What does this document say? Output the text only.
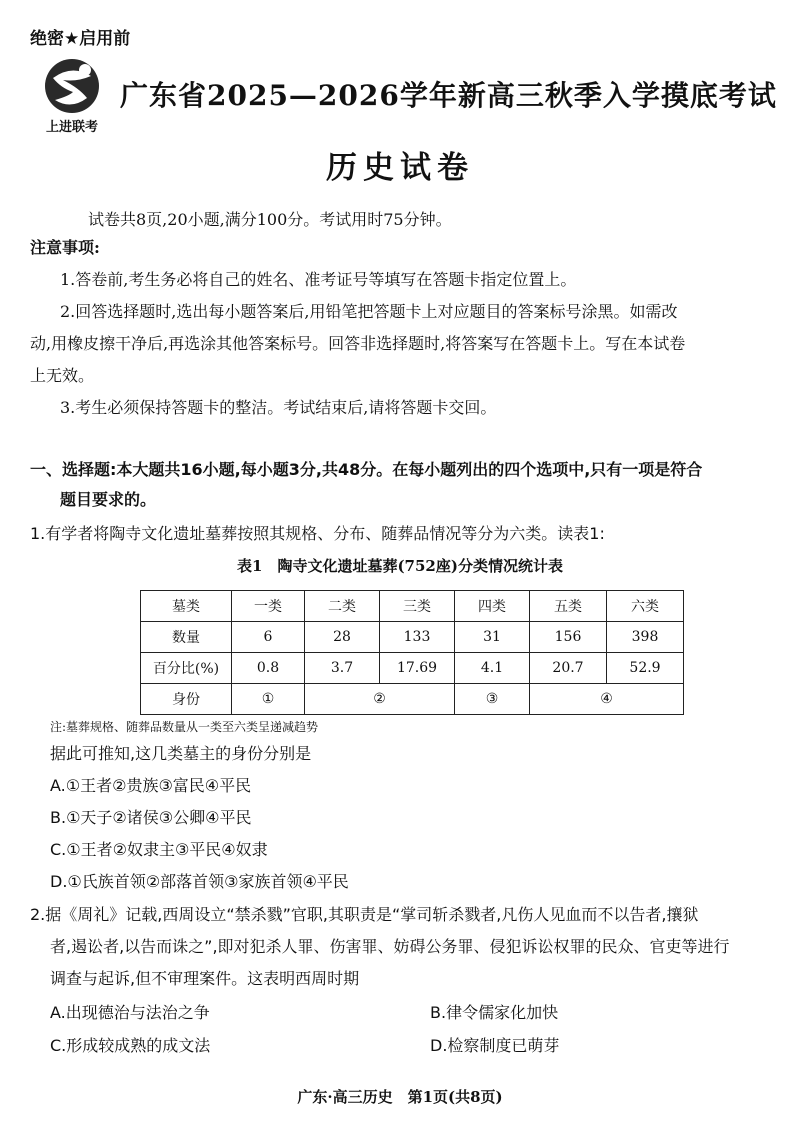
绝密★启用前
上进联考
广东省2025—2026学年新高三秋季入学摸底考试
历史试卷
试卷共8页,20小题,满分100分。考试用时75分钟。
注意事项:
1.答卷前,考生务必将自己的姓名、准考证号等填写在答题卡指定位置上。
2.回答选择题时,选出每小题答案后,用铅笔把答题卡上对应题目的答案标号涂黑。如需改
动,用橡皮擦干净后,再选涂其他答案标号。回答非选择题时,将答案写在答题卡上。写在本试卷
上无效。
3.考生必须保持答题卡的整洁。考试结束后,请将答题卡交回。
一、选择题:本大题共16小题,每小题3分,共48分。在每小题列出的四个选项中,只有一项是符合
题目要求的。
1.有学者将陶寺文化遗址墓葬按照其规格、分布、随葬品情况等分为六类。读表1:
表1　陶寺文化遗址墓葬(752座)分类情况统计表
墓类	一类	二类	三类	四类	五类	六类
数量	6	28	133	31	156	398
百分比(%)	0.8	3.7	17.69	4.1	20.7	52.9
身份	①	②		③	④	
注:墓葬规格、随葬品数量从一类至六类呈递减趋势
据此可推知,这几类墓主的身份分别是
A.①王者②贵族③富民④平民
B.①天子②诸侯③公卿④平民
C.①王者②奴隶主③平民④奴隶
D.①氏族首领②部落首领③家族首领④平民
2.据《周礼》记载,西周设立“禁杀戮”官职,其职责是“掌司斩杀戮者,凡伤人见血而不以告者,攘狱
者,遏讼者,以告而诛之”,即对犯杀人罪、伤害罪、妨碍公务罪、侵犯诉讼权罪的民众、官吏等进行
调查与起诉,但不审理案件。这表明西周时期
A.出现德治与法治之争	B.律令儒家化加快
C.形成较成熟的成文法	D.检察制度已萌芽
广东·高三历史　第1页(共8页)
